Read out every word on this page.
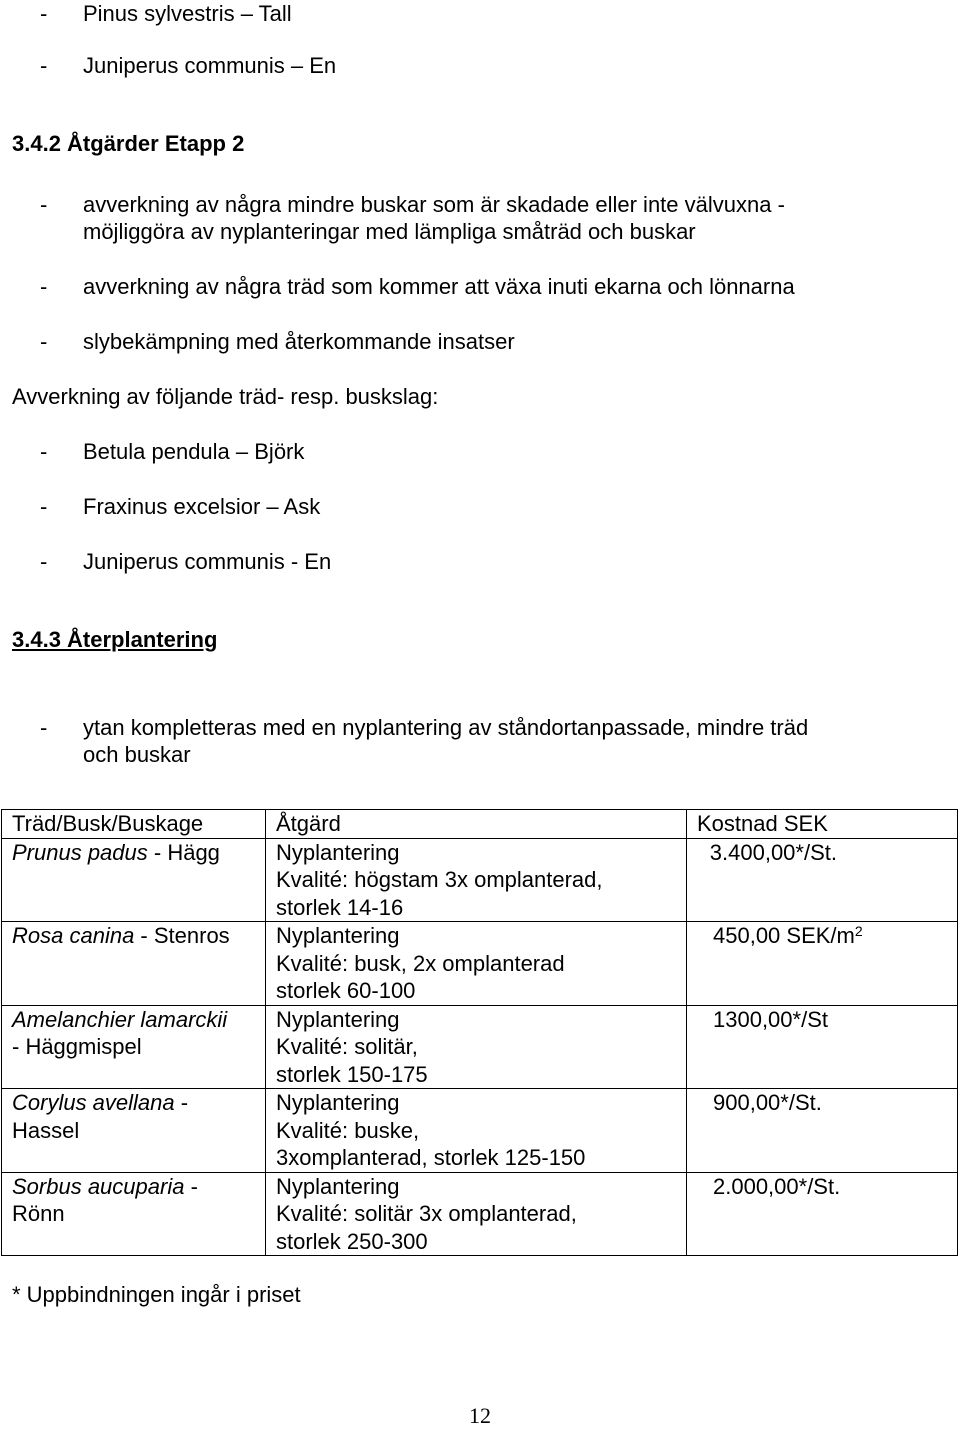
- Pinus sylvestris – Tall
- Juniperus communis – En
3.4.2 Åtgärder Etapp 2
- avverkning av några mindre buskar som är skadade eller inte välvuxna -
möjliggöra av nyplanteringar med lämpliga småträd och buskar
- avverkning av några träd som kommer att växa inuti ekarna och lönnarna
- slybekämpning med återkommande insatser
Avverkning av följande träd- resp. buskslag:
- Betula pendula – Björk
- Fraxinus excelsior – Ask
- Juniperus communis - En
3.4.3 Återplantering
- ytan kompletteras med en nyplantering av ståndortanpassade, mindre träd
och buskar
Träd/Busk/Buskage	Åtgärd	Kostnad SEK
Prunus padus - Hägg	Nyplantering
Kvalité: högstam 3x omplanterad,
storlek 14-16	3.400,00*/St.
Rosa canina - Stenros	Nyplantering
Kvalité: busk, 2x omplanterad
storlek 60-100	450,00 SEK/$m^2$

Amelanchier lamarckii
- Häggmispel	Nyplantering
Kvalité: solitär,
storlek 150-175	1300,00*/St

Corylus avellana -
Hassel	Nyplantering
Kvalité: buske,
3xomplanterad, storlek 125-150	900,00*/St.

Sorbus aucuparia -
Rönn	Nyplantering
Kvalité: solitär 3x omplanterad,
storlek 250-300	2.000,00*/St.
* Uppbindningen ingår i priset
12
